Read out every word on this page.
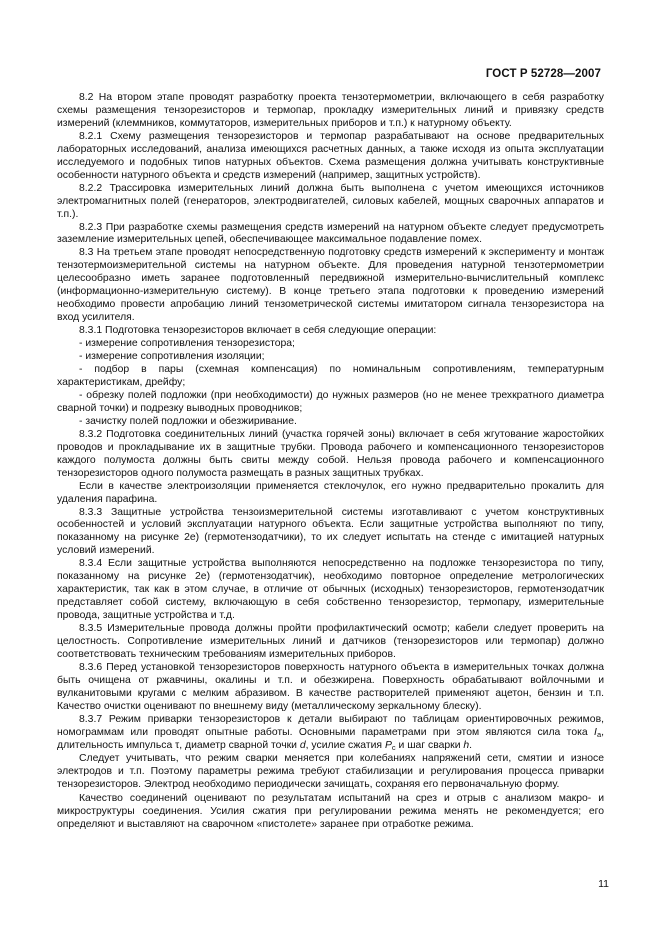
ГОСТ Р 52728—2007

8.2 На втором этапе проводят разработку проекта тензотермометрии, включающего в себя разработку схемы размещения тензорезисторов и термопар, прокладку измерительных линий и привязку средств измерений (клеммников, коммутаторов, измерительных приборов и т.п.) к натурному объекту.

8.2.1 Схему размещения тензорезисторов и термопар разрабатывают на основе предварительных лабораторных исследований, анализа имеющихся расчетных данных, а также исходя из опыта эксплуатации исследуемого и подобных типов натурных объектов. Схема размещения должна учитывать конструктивные особенности натурного объекта и средств измерений (например, защитных устройств).

8.2.2 Трассировка измерительных линий должна быть выполнена с учетом имеющихся источников электромагнитных полей (генераторов, электродвигателей, силовых кабелей, мощных сварочных аппаратов и т.п.).

8.2.3 При разработке схемы размещения средств измерений на натурном объекте следует предусмотреть заземление измерительных цепей, обеспечивающее максимальное подавление помех.

8.3 На третьем этапе проводят непосредственную подготовку средств измерений к эксперименту и монтаж тензотермоизмерительной системы на натурном объекте. Для проведения натурной тензотермометрии целесообразно иметь заранее подготовленный передвижной измерительно-вычислительный комплекс (информационно-измерительную систему). В конце третьего этапа подготовки к проведению измерений необходимо провести апробацию линий тензометрической системы имитатором сигнала тензорезистора на вход усилителя.

8.3.1 Подготовка тензорезисторов включает в себя следующие операции:

- измерение сопротивления тензорезистора;

- измерение сопротивления изоляции;

- подбор в пары (схемная компенсация) по номинальным сопротивлениям, температурным характеристикам, дрейфу;

- обрезку полей подложки (при необходимости) до нужных размеров (но не менее трехкратного диаметра сварной точки) и подрезку выводных проводников;

- зачистку полей подложки и обезжиривание.

8.3.2 Подготовка соединительных линий (участка горячей зоны) включает в себя жгутование жаростойких проводов и прокладывание их в защитные трубки. Провода рабочего и компенсационного тензорезисторов каждого полумоста должны быть свиты между собой. Нельзя провода рабочего и компенсационного тензорезисторов одного полумоста размещать в разных защитных трубках.

Если в качестве электроизоляции применяется стеклочулок, его нужно предварительно прокалить для удаления парафина.

8.3.3 Защитные устройства тензоизмерительной системы изготавливают с учетом конструктивных особенностей и условий эксплуатации натурного объекта. Если защитные устройства выполняют по типу, показанному на рисунке 2е) (гермотензодатчики), то их следует испытать на стенде с имитацией натурных условий измерений.

8.3.4 Если защитные устройства выполняются непосредственно на подложке тензорезистора по типу, показанному на рисунке 2е) (гермотензодатчик), необходимо повторное определение метрологических характеристик, так как в этом случае, в отличие от обычных (исходных) тензорезисторов, гермотензодатчик представляет собой систему, включающую в себя собственно тензорезистор, термопару, измерительные провода, защитные устройства и т.д.

8.3.5 Измерительные провода должны пройти профилактический осмотр; кабели следует проверить на целостность. Сопротивление измерительных линий и датчиков (тензорезисторов или термопар) должно соответствовать техническим требованиям измерительных приборов.

8.3.6 Перед установкой тензорезисторов поверхность натурного объекта в измерительных точках должна быть очищена от ржавчины, окалины и т.п. и обезжирена. Поверхность обрабатывают войлочными и вулканитовыми кругами с мелким абразивом. В качестве растворителей применяют ацетон, бензин и т.п. Качество очистки оценивают по внешнему виду (металлическому зеркальному блеску).

8.3.7 Режим приварки тензорезисторов к детали выбирают по таблицам ориентировочных режимов, номограммам или проводят опытные работы. Основными параметрами при этом являются сила тока $I_a$, длительность импульса τ, диаметр сварной точки d, усилие сжатия $P_c$ и шаг сварки h.

Следует учитывать, что режим сварки меняется при колебаниях напряжений сети, смятии и износе электродов и т.п. Поэтому параметры режима требуют стабилизации и регулирования процесса приварки тензорезисторов. Электрод необходимо периодически зачищать, сохраняя его первоначальную форму.

Качество соединений оценивают по результатам испытаний на срез и отрыв с анализом макро- и микроструктуры соединения. Усилия сжатия при регулировании режима менять не рекомендуется; его определяют и выставляют на сварочном «пистолете» заранее при отработке режима.

11
